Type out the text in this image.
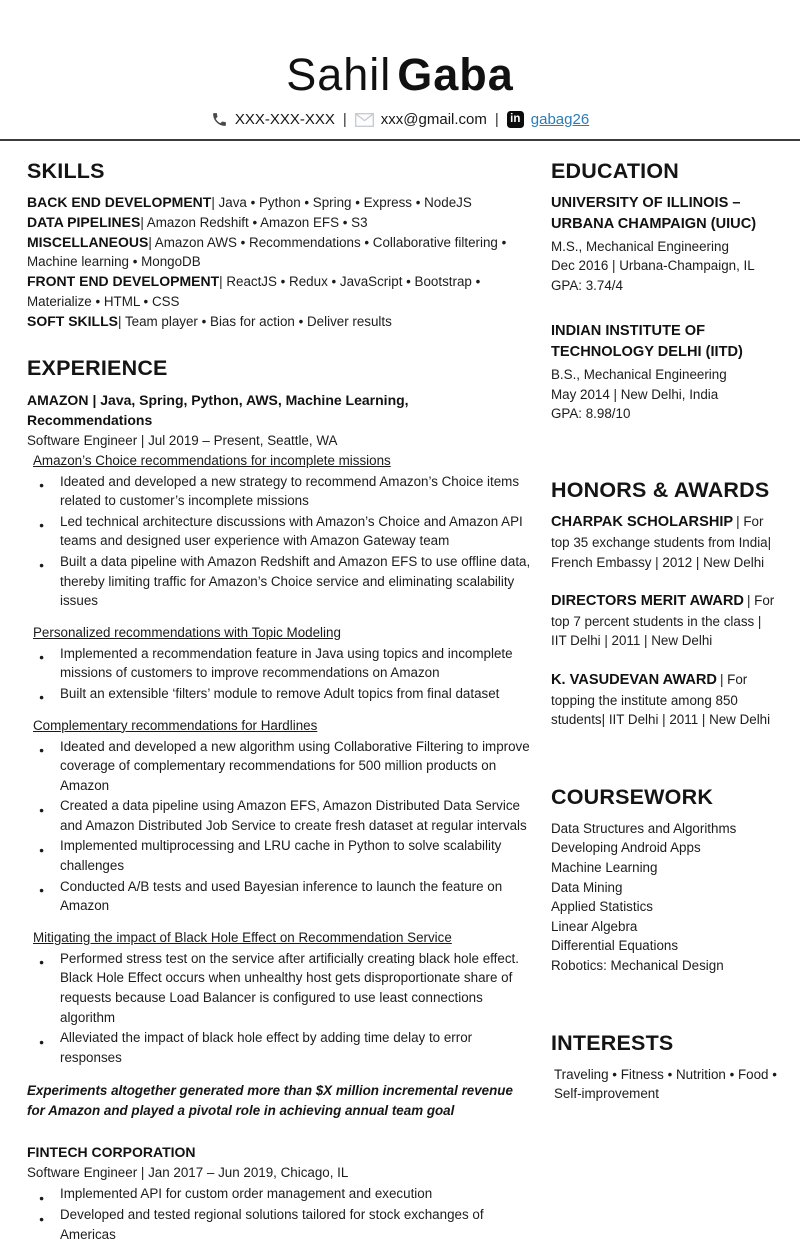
Sahil Gaba
XXX-XXX-XXX | xxx@gmail.com | in gabag26
SKILLS

BACK END DEVELOPMENT| Java • Python • Spring • Express • NodeJS

DATA PIPELINES| Amazon Redshift • Amazon EFS • S3

MISCELLANEOUS| Amazon AWS • Recommendations • Collaborative filtering • Machine learning • MongoDB

FRONT END DEVELOPMENT| ReactJS • Redux • JavaScript • Bootstrap • Materialize • HTML • CSS

SOFT SKILLS| Team player • Bias for action • Deliver results

EXPERIENCE

AMAZON | Java, Spring, Python, AWS, Machine Learning, Recommendations

Software Engineer | Jul 2019 – Present, Seattle, WA

Amazon’s Choice recommendations for incomplete missions

● Ideated and developed a new strategy to recommend Amazon’s Choice items related to customer’s incomplete missions
● Led technical architecture discussions with Amazon’s Choice and Amazon API teams and designed user experience with Amazon Gateway team
● Built a data pipeline with Amazon Redshift and Amazon EFS to use offline data, thereby limiting traffic for Amazon’s Choice service and eliminating scalability issues

Personalized recommendations with Topic Modeling

● Implemented a recommendation feature in Java using topics and incomplete missions of customers to improve recommendations on Amazon
● Built an extensible ‘filters’ module to remove Adult topics from final dataset

Complementary recommendations for Hardlines

● Ideated and developed a new algorithm using Collaborative Filtering to improve coverage of complementary recommendations for 500 million products on Amazon
● Created a data pipeline using Amazon EFS, Amazon Distributed Data Service and Amazon Distributed Job Service to create fresh dataset at regular intervals
● Implemented multiprocessing and LRU cache in Python to solve scalability challenges
● Conducted A/B tests and used Bayesian inference to launch the feature on Amazon

Mitigating the impact of Black Hole Effect on Recommendation Service

● Performed stress test on the service after artificially creating black hole effect. Black Hole Effect occurs when unhealthy host gets disproportionate share of requests because Load Balancer is configured to use least connections algorithm
● Alleviated the impact of black hole effect by adding time delay to error responses

Experiments altogether generated more than $X million incremental revenue for Amazon and played a pivotal role in achieving annual team goal

FINTECH CORPORATION

Software Engineer | Jan 2017 – Jun 2019, Chicago, IL

● Implemented API for custom order management and execution
● Developed and tested regional solutions tailored for stock exchanges of Americas
EDUCATION

UNIVERSITY OF ILLINOIS – URBANA CHAMPAIGN (UIUC)

M.S., Mechanical Engineering

Dec 2016 | Urbana-Champaign, IL

GPA: 3.74/4

INDIAN INSTITUTE OF TECHNOLOGY DELHI (IITD)

B.S., Mechanical Engineering

May 2014 | New Delhi, India

GPA: 8.98/10

HONORS & AWARDS

CHARPAK SCHOLARSHIP | For top 35 exchange students from India| French Embassy | 2012 | New Delhi

DIRECTORS MERIT AWARD | For top 7 percent students in the class | IIT Delhi | 2011 | New Delhi

K. VASUDEVAN AWARD | For topping the institute among 850 students| IIT Delhi | 2011 | New Delhi

COURSEWORK
Data Structures and Algorithms
Developing Android Apps
Machine Learning
Data Mining
Applied Statistics
Linear Algebra
Differential Equations
Robotics: Mechanical Design
INTERESTS

Traveling • Fitness • Nutrition • Food • Self-improvement
